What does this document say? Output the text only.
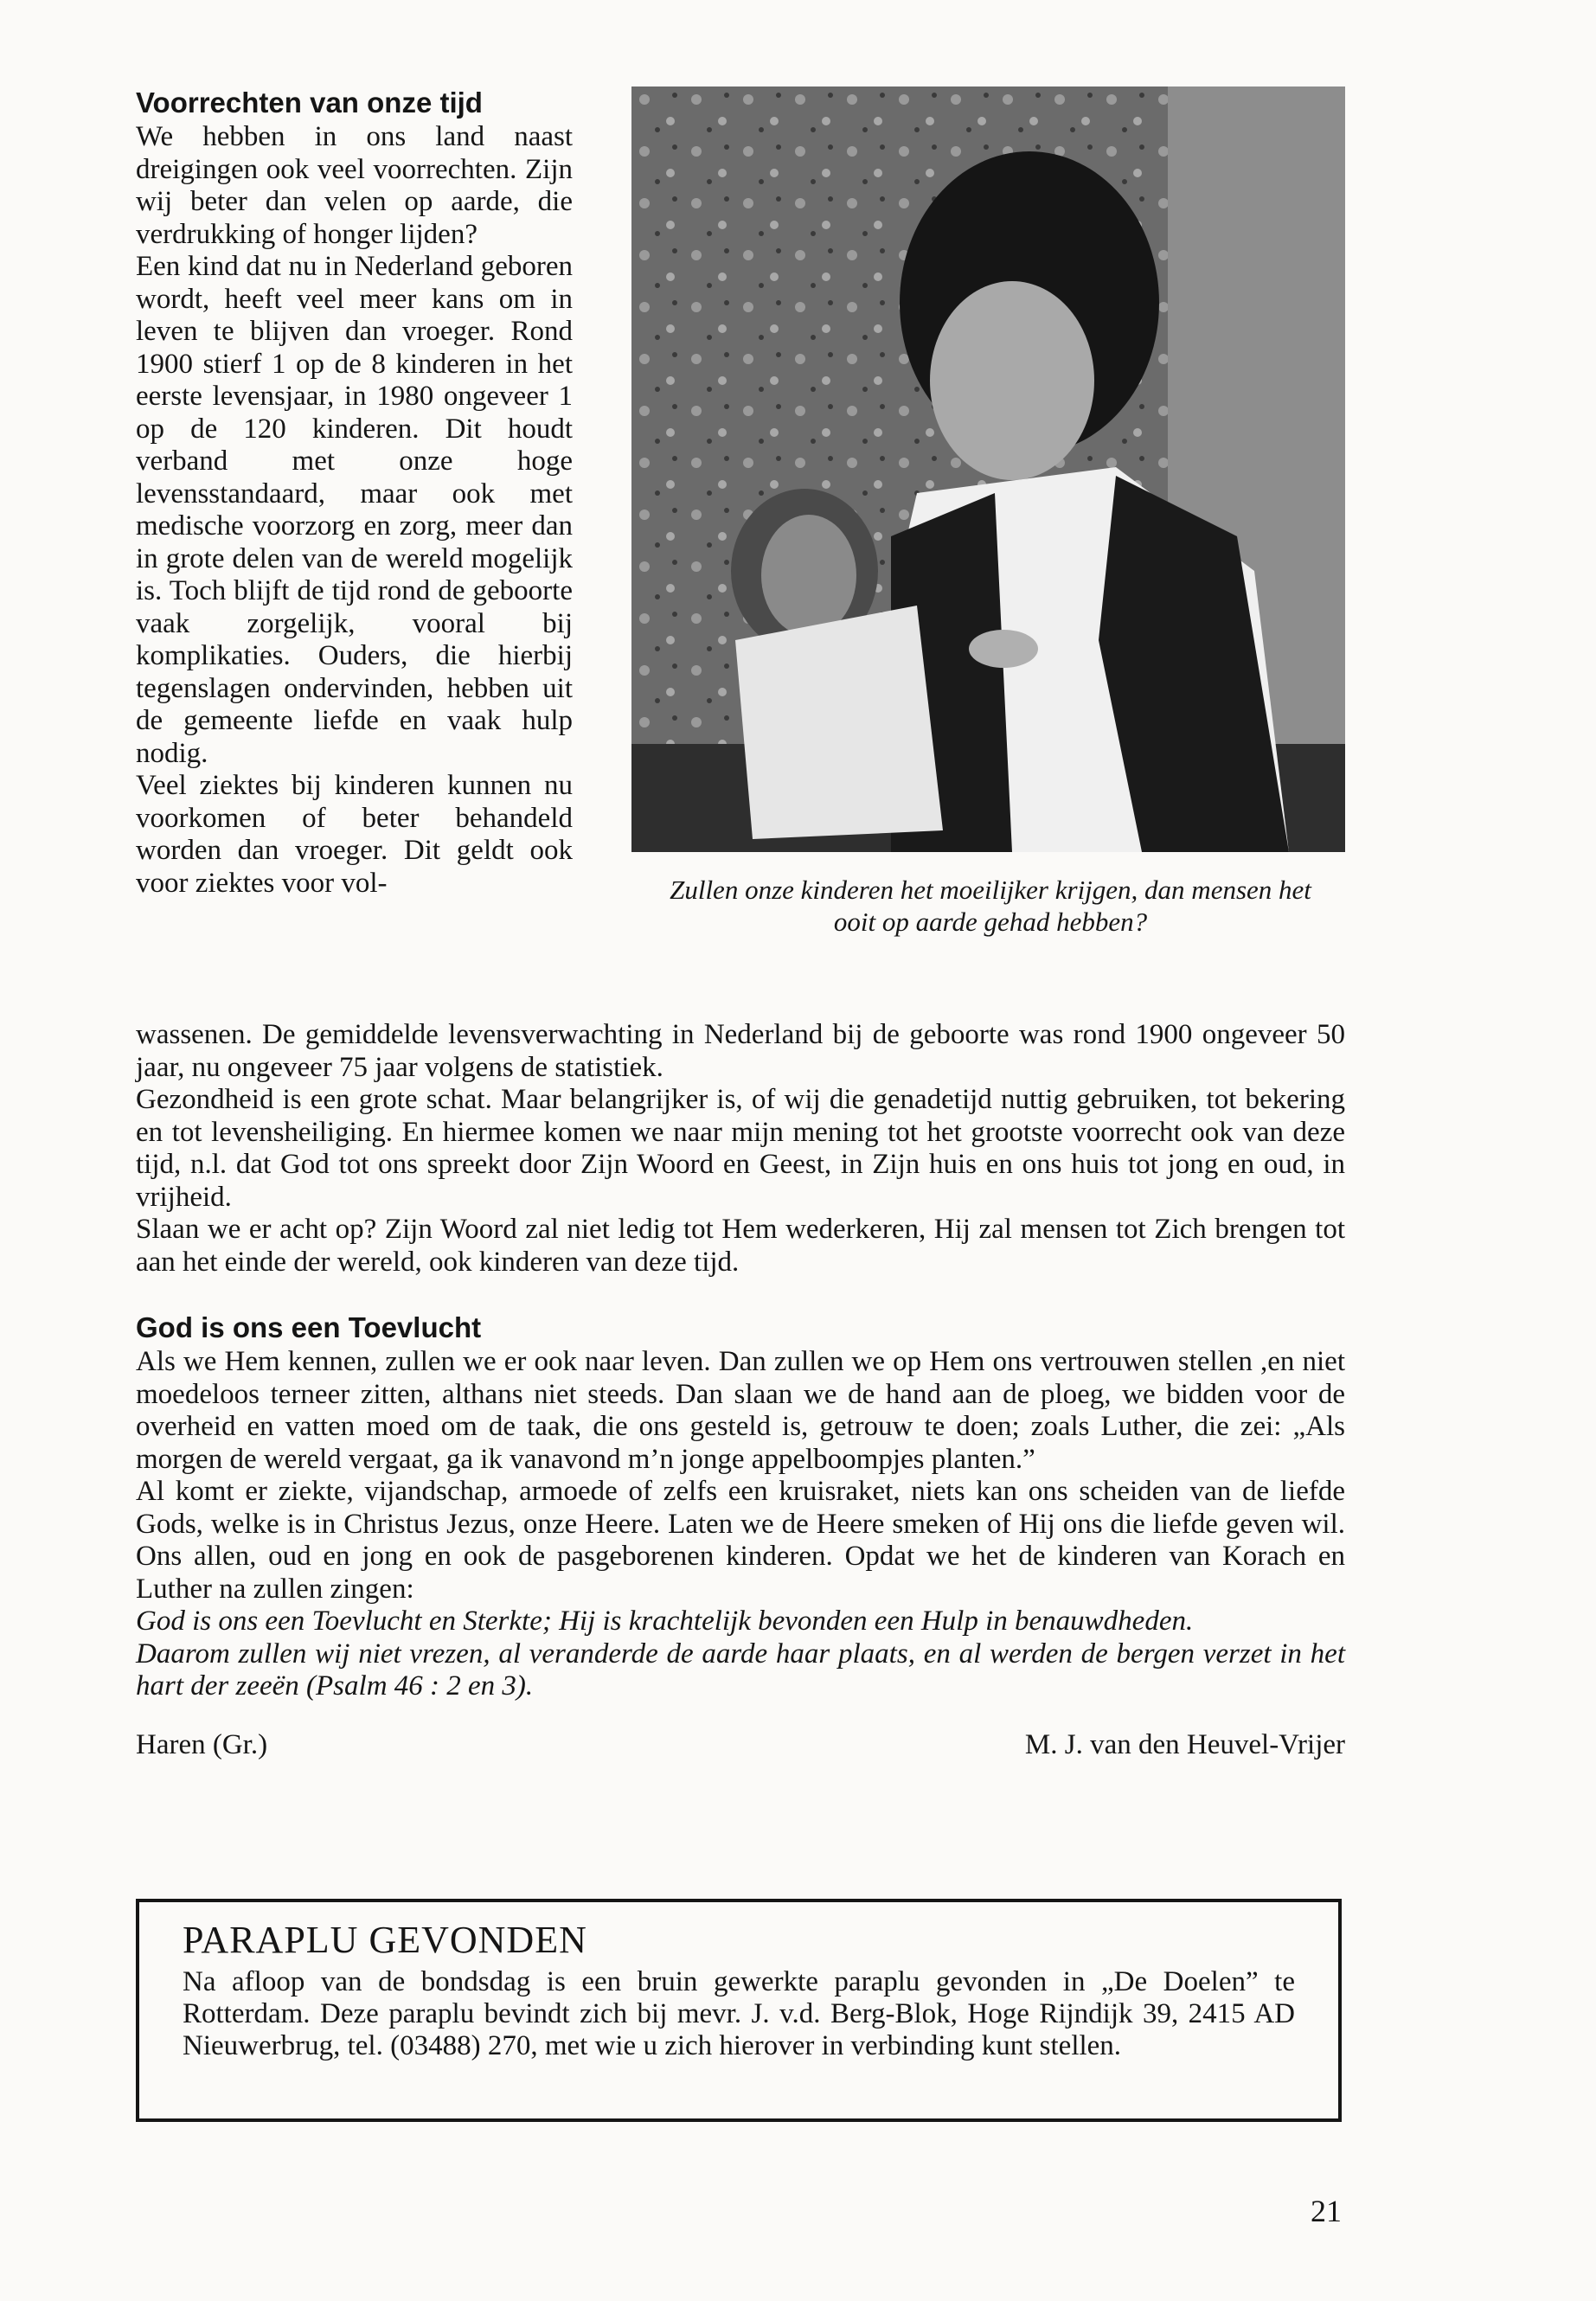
Voorrechten van onze tijd

We hebben in ons land naast dreigingen ook veel voorrechten. Zijn wij beter dan velen op aarde, die verdrukking of honger lijden?

Een kind dat nu in Nederland geboren wordt, heeft veel meer kans om in leven te blijven dan vroeger. Rond 1900 stierf 1 op de 8 kinderen in het eerste levensjaar, in 1980 ongeveer 1 op de 120 kinderen. Dit houdt verband met onze hoge levensstandaard, maar ook met medische voorzorg en zorg, meer dan in grote delen van de wereld mogelijk is. Toch blijft de tijd rond de geboorte vaak zorgelijk, vooral bij komplikaties. Ouders, die hierbij tegenslagen ondervinden, hebben uit de gemeente liefde en vaak hulp nodig.

Veel ziektes bij kinderen kunnen nu voorkomen of beter behandeld worden dan vroeger. Dit geldt ook voor ziektes voor vol-	Zullen onze kinderen het moeilijker krijgen, dan mensen het ooit op aarde gehad hebben?

wassenen. De gemiddelde levensverwachting in Nederland bij de geboorte was rond 1900 ongeveer 50 jaar, nu ongeveer 75 jaar volgens de statistiek.

Gezondheid is een grote schat. Maar belangrijker is, of wij die genadetijd nuttig gebruiken, tot bekering en tot levensheiliging. En hiermee komen we naar mijn mening tot het grootste voorrecht ook van deze tijd, n.l. dat God tot ons spreekt door Zijn Woord en Geest, in Zijn huis en ons huis tot jong en oud, in vrijheid.

Slaan we er acht op? Zijn Woord zal niet ledig tot Hem wederkeren, Hij zal mensen tot Zich brengen tot aan het einde der wereld, ook kinderen van deze tijd.

God is ons een Toevlucht

Als we Hem kennen, zullen we er ook naar leven. Dan zullen we op Hem ons vertrouwen stellen ,en niet moedeloos terneer zitten, althans niet steeds. Dan slaan we de hand aan de ploeg, we bidden voor de overheid en vatten moed om de taak, die ons gesteld is, getrouw te doen; zoals Luther, die zei: „Als morgen de wereld vergaat, ga ik vanavond m’n jonge appelboompjes planten.”

Al komt er ziekte, vijandschap, armoede of zelfs een kruisraket, niets kan ons scheiden van de liefde Gods, welke is in Christus Jezus, onze Heere. Laten we de Heere smeken of Hij ons die liefde geven wil. Ons allen, oud en jong en ook de pasgeborenen kinderen. Opdat we het de kinderen van Korach en Luther na zullen zingen:

God is ons een Toevlucht en Sterkte; Hij is krachtelijk bevonden een Hulp in benauwdheden.

Daarom zullen wij niet vrezen, al veranderde de aarde haar plaats, en al werden de bergen verzet in het hart der zeeën (Psalm 46 : 2 en 3).

Haren (Gr.)	M. J. van den Heuvel-Vrijer
PARAPLU GEVONDEN

Na afloop van de bondsdag is een bruin gewerkte paraplu gevonden in „De Doelen” te Rotterdam. Deze paraplu bevindt zich bij mevr. J. v.d. Berg-Blok, Hoge Rijndijk 39, 2415 AD Nieuwerbrug, tel. (03488) 270, met wie u zich hierover in verbinding kunt stellen.

21
